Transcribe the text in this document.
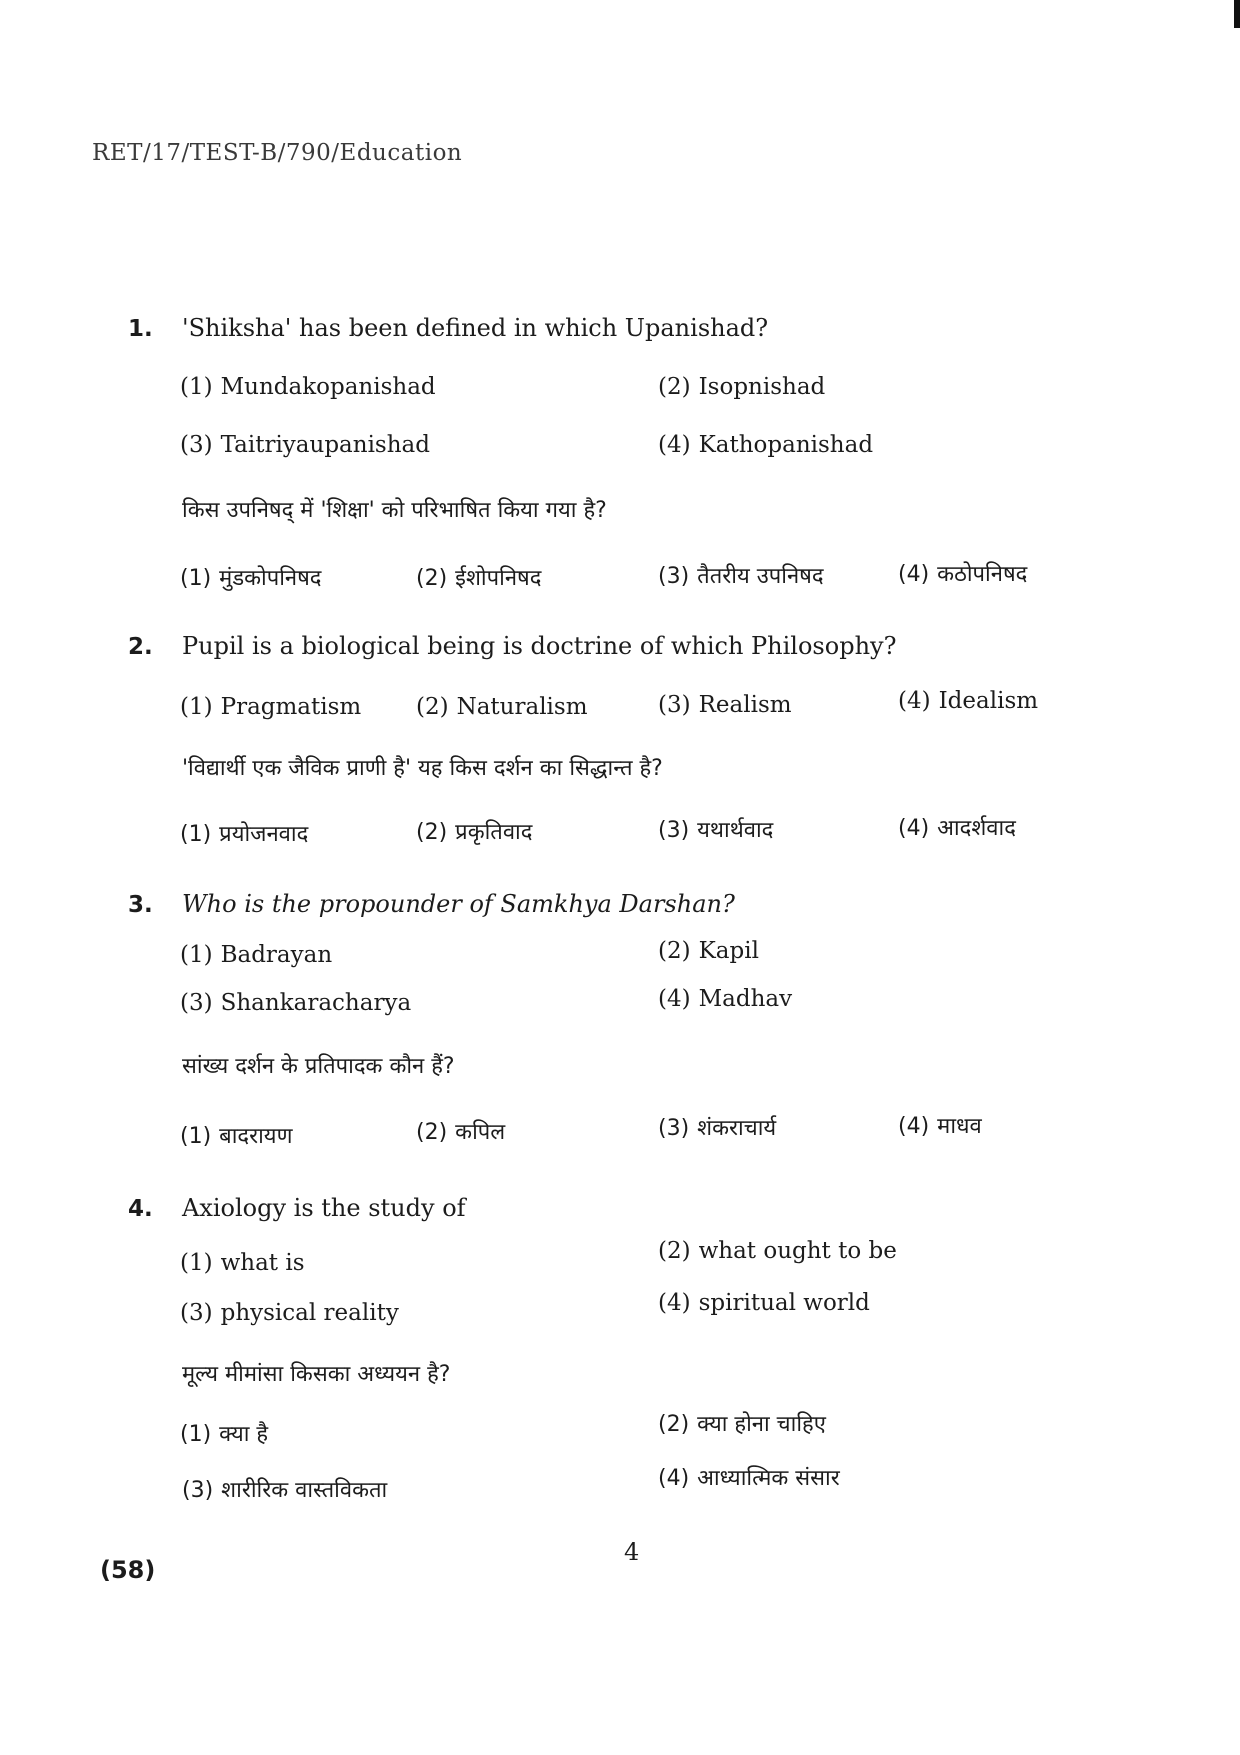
RET/17/TEST-B/790/Education
1. 'Shiksha' has been defined in which Upanishad?
(1) Mundakopanishad	(2) Isopnishad
(3) Taitriyaupanishad	(4) Kathopanishad
किस उपनिषद् में 'शिक्षा' को परिभाषित किया गया है?
(1) मुंडकोपनिषद	(2) ईशोपनिषद	(3) तैतरीय उपनिषद	(4) कठोपनिषद
2. Pupil is a biological being is doctrine of which Philosophy?
(1) Pragmatism (2) Naturalism	(3) Realism	(4) Idealism
'विद्यार्थी एक जैविक प्राणी है' यह किस दर्शन का सिद्धान्त है?
(1) प्रयोजनवाद	(2) प्रकृतिवाद	(3) यथार्थवाद	(4) आदर्शवाद
3. Who is the propounder of Samkhya Darshan?
(1) Badrayan	(2) Kapil
(3) Shankaracharya	(4) Madhav
सांख्य दर्शन के प्रतिपादक कौन हैं?
(1) बादरायण	(2) कपिल	(3) शंकराचार्य	(4) माधव
4. Axiology is the study of
(1) what is	(2) what ought to be
(3) physical reality	(4) spiritual world
मूल्य मीमांसा किसका अध्ययन है?
(1) क्या है	(2) क्या होना चाहिए
(3) शारीरिक वास्तविकता	(4) आध्यात्मिक संसार
4
(58)
